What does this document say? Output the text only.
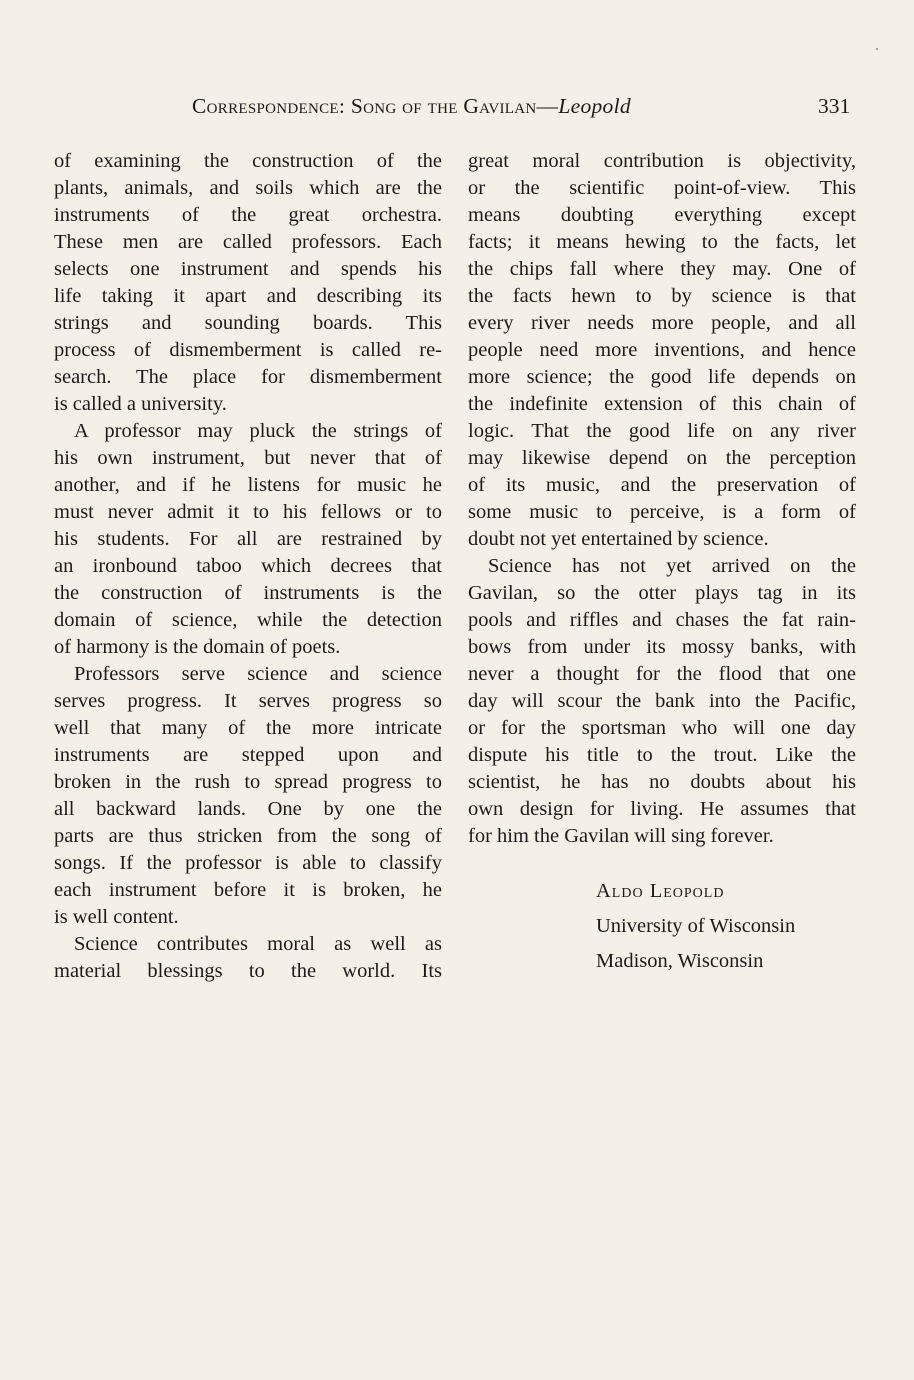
Correspondence: Song of the Gavilan—Leopold	331
of examining the construction of the
plants, animals, and soils which are the
instruments of the great orchestra.
These men are called professors. Each
selects one instrument and spends his
life taking it apart and describing its
strings and sounding boards. This
process of dismemberment is called re-
search. The place for dismemberment
is called a university.
A professor may pluck the strings of
his own instrument, but never that of
another, and if he listens for music he
must never admit it to his fellows or to
his students. For all are restrained by
an ironbound taboo which decrees that
the construction of instruments is the
domain of science, while the detection
of harmony is the domain of poets.
Professors serve science and science
serves progress. It serves progress so
well that many of the more intricate
instruments are stepped upon and
broken in the rush to spread progress to
all backward lands. One by one the
parts are thus stricken from the song of
songs. If the professor is able to classify
each instrument before it is broken, he
is well content.
Science contributes moral as well as
material blessings to the world. Its
great moral contribution is objectivity,
or the scientific point-of-view. This
means doubting everything except
facts; it means hewing to the facts, let
the chips fall where they may. One of
the facts hewn to by science is that
every river needs more people, and all
people need more inventions, and hence
more science; the good life depends on
the indefinite extension of this chain of
logic. That the good life on any river
may likewise depend on the perception
of its music, and the preservation of
some music to perceive, is a form of
doubt not yet entertained by science.
Science has not yet arrived on the
Gavilan, so the otter plays tag in its
pools and riffles and chases the fat rain-
bows from under its mossy banks, with
never a thought for the flood that one
day will scour the bank into the Pacific,
or for the sportsman who will one day
dispute his title to the trout. Like the
scientist, he has no doubts about his
own design for living. He assumes that
for him the Gavilan will sing forever.
Aldo Leopold
University of Wisconsin
Madison, Wisconsin
